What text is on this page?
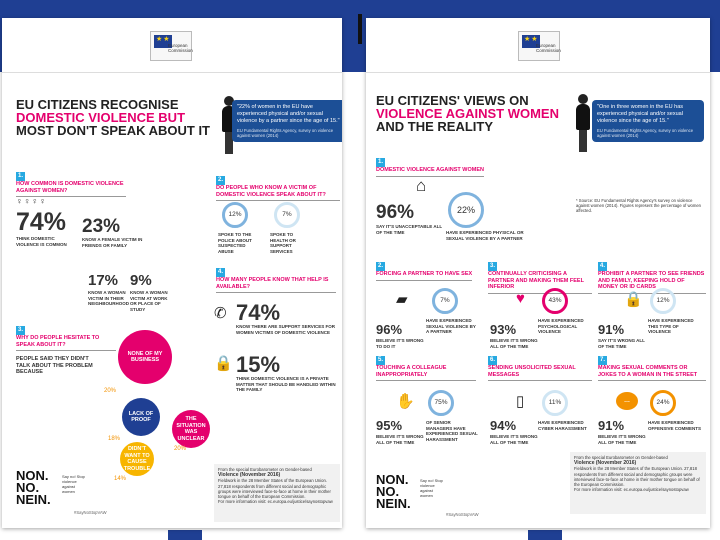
★★
European Commission
EU CITIZENS RECOGNISE
DOMESTIC VIOLENCE BUT
MOST DON'T SPEAK ABOUT IT
"22% of women in the EU have experienced physical and/or sexual violence by a partner since the age of 15."
EU Fundamental Rights Agency, survey on violence against women (2014)
1.HOW COMMON IS DOMESTIC VIOLENCE AGAINST WOMEN?
♀♀♀♀
74%
THINK DOMESTIC VIOLENCE IS COMMON
23%
KNOW A FEMALE VICTIM IN FRIENDS OR FAMILY
17%
KNOW A WOMAN VICTIM IN THEIR NEIGHBOURHOOD
9%
KNOW A WOMAN VICTIM AT WORK OR PLACE OF STUDY
2.DO PEOPLE WHO KNOW A VICTIM OF DOMESTIC VIOLENCE SPEAK ABOUT IT?
12%
SPOKE TO THE POLICE ABOUT SUSPECTED ABUSE
7%
SPOKE TO HEALTH OR SUPPORT SERVICES
4.HOW MANY PEOPLE KNOW THAT HELP IS AVAILABLE?
✆ 74%
KNOW THERE ARE SUPPORT SERVICES FOR WOMEN VICTIMS OF DOMESTIC VIOLENCE
🔒 15%
THINK DOMESTIC VIOLENCE IS A PRIVATE MATTER THAT SHOULD BE HANDLED WITHIN THE FAMILY
3.WHY DO PEOPLE HESITATE TO SPEAK ABOUT IT?
PEOPLE SAID THEY DIDN'T TALK ABOUT THE PROBLEM BECAUSE
NONE OF MY BUSINESS
20%
LACK OF PROOF
18%
THE SITUATION WAS UNCLEAR
20%
DIDN'T WANT TO CAUSE TROUBLE
14%
From the special Eurobarometer on Gender-based
Violence (November 2016)
Fieldwork in the 28 Member States of the European Union. 27,818 respondents from different social and demographic groups were interviewed face-to-face at home in their mother tongue on behalf of the European Commission.
For more information visit: ec.europa.eu/justice/saynostopvaw
NON.
NO.
NEIN.
Say no! Stop violence against women
#SayNoStopVAW
★★
European Commission
EU CITIZENS' VIEWS ON
VIOLENCE AGAINST WOMEN
AND THE REALITY
"One in three women in the EU has experienced physical and/or sexual violence since the age of 15."
EU Fundamental Rights Agency, survey on violence against women (2014)
1.DOMESTIC VIOLENCE AGAINST WOMEN
⌂
96%
SAY IT'S UNACCEPTABLE ALL OF THE TIME
22%
HAVE EXPERIENCED PHYSICAL OR SEXUAL VIOLENCE BY A PARTNER
* Source: EU Fundamental Rights Agency's survey on violence against women (2014). Figures represent the percentage of women affected.
2.FORCING A PARTNER TO HAVE SEX
▰	7%
96%
BELIEVE IT'S WRONG TO DO IT
HAVE EXPERIENCED SEXUAL VIOLENCE BY A PARTNER
3.CONTINUALLY CRITICISING A PARTNER AND MAKING THEM FEEL INFERIOR
♥	43%
93%
BELIEVE IT'S WRONG ALL OF THE TIME
HAVE EXPERIENCED PSYCHOLOGICAL VIOLENCE
4.PROHIBIT A PARTNER TO SEE FRIENDS AND FAMILY, KEEPING HOLD OF MONEY OR ID CARDS
🔒	12%
91%
SAY IT'S WRONG ALL OF THE TIME
HAVE EXPERIENCED THIS TYPE OF VIOLENCE
5.TOUCHING A COLLEAGUE INAPPROPRIATELY
✋	75%
95%
BELIEVE IT'S WRONG ALL OF THE TIME
OF SENIOR MANAGERS HAVE EXPERIENCED SEXUAL HARASSMENT
6.SENDING UNSOLICITED SEXUAL MESSAGES
▯	11%
94%
BELIEVE IT'S WRONG ALL OF THE TIME
HAVE EXPERIENCED CYBER HARASSMENT
7.MAKING SEXUAL COMMENTS OR JOKES TO A WOMAN IN THE STREET
…	24%
91%
BELIEVE IT'S WRONG ALL OF THE TIME
HAVE EXPERIENCED OFFENSIVE COMMENTS
From the special Eurobarometer on Gender-based
Violence (November 2016)
Fieldwork in the 28 Member States of the European Union. 27,818 respondents from different social and demographic groups were interviewed face-to-face at home in their mother tongue on behalf of the European Commission.
For more information visit: ec.europa.eu/justice/saynostopvaw
NON.
NO.
NEIN.
Say no! Stop violence against women
#SayNoStopVAW
